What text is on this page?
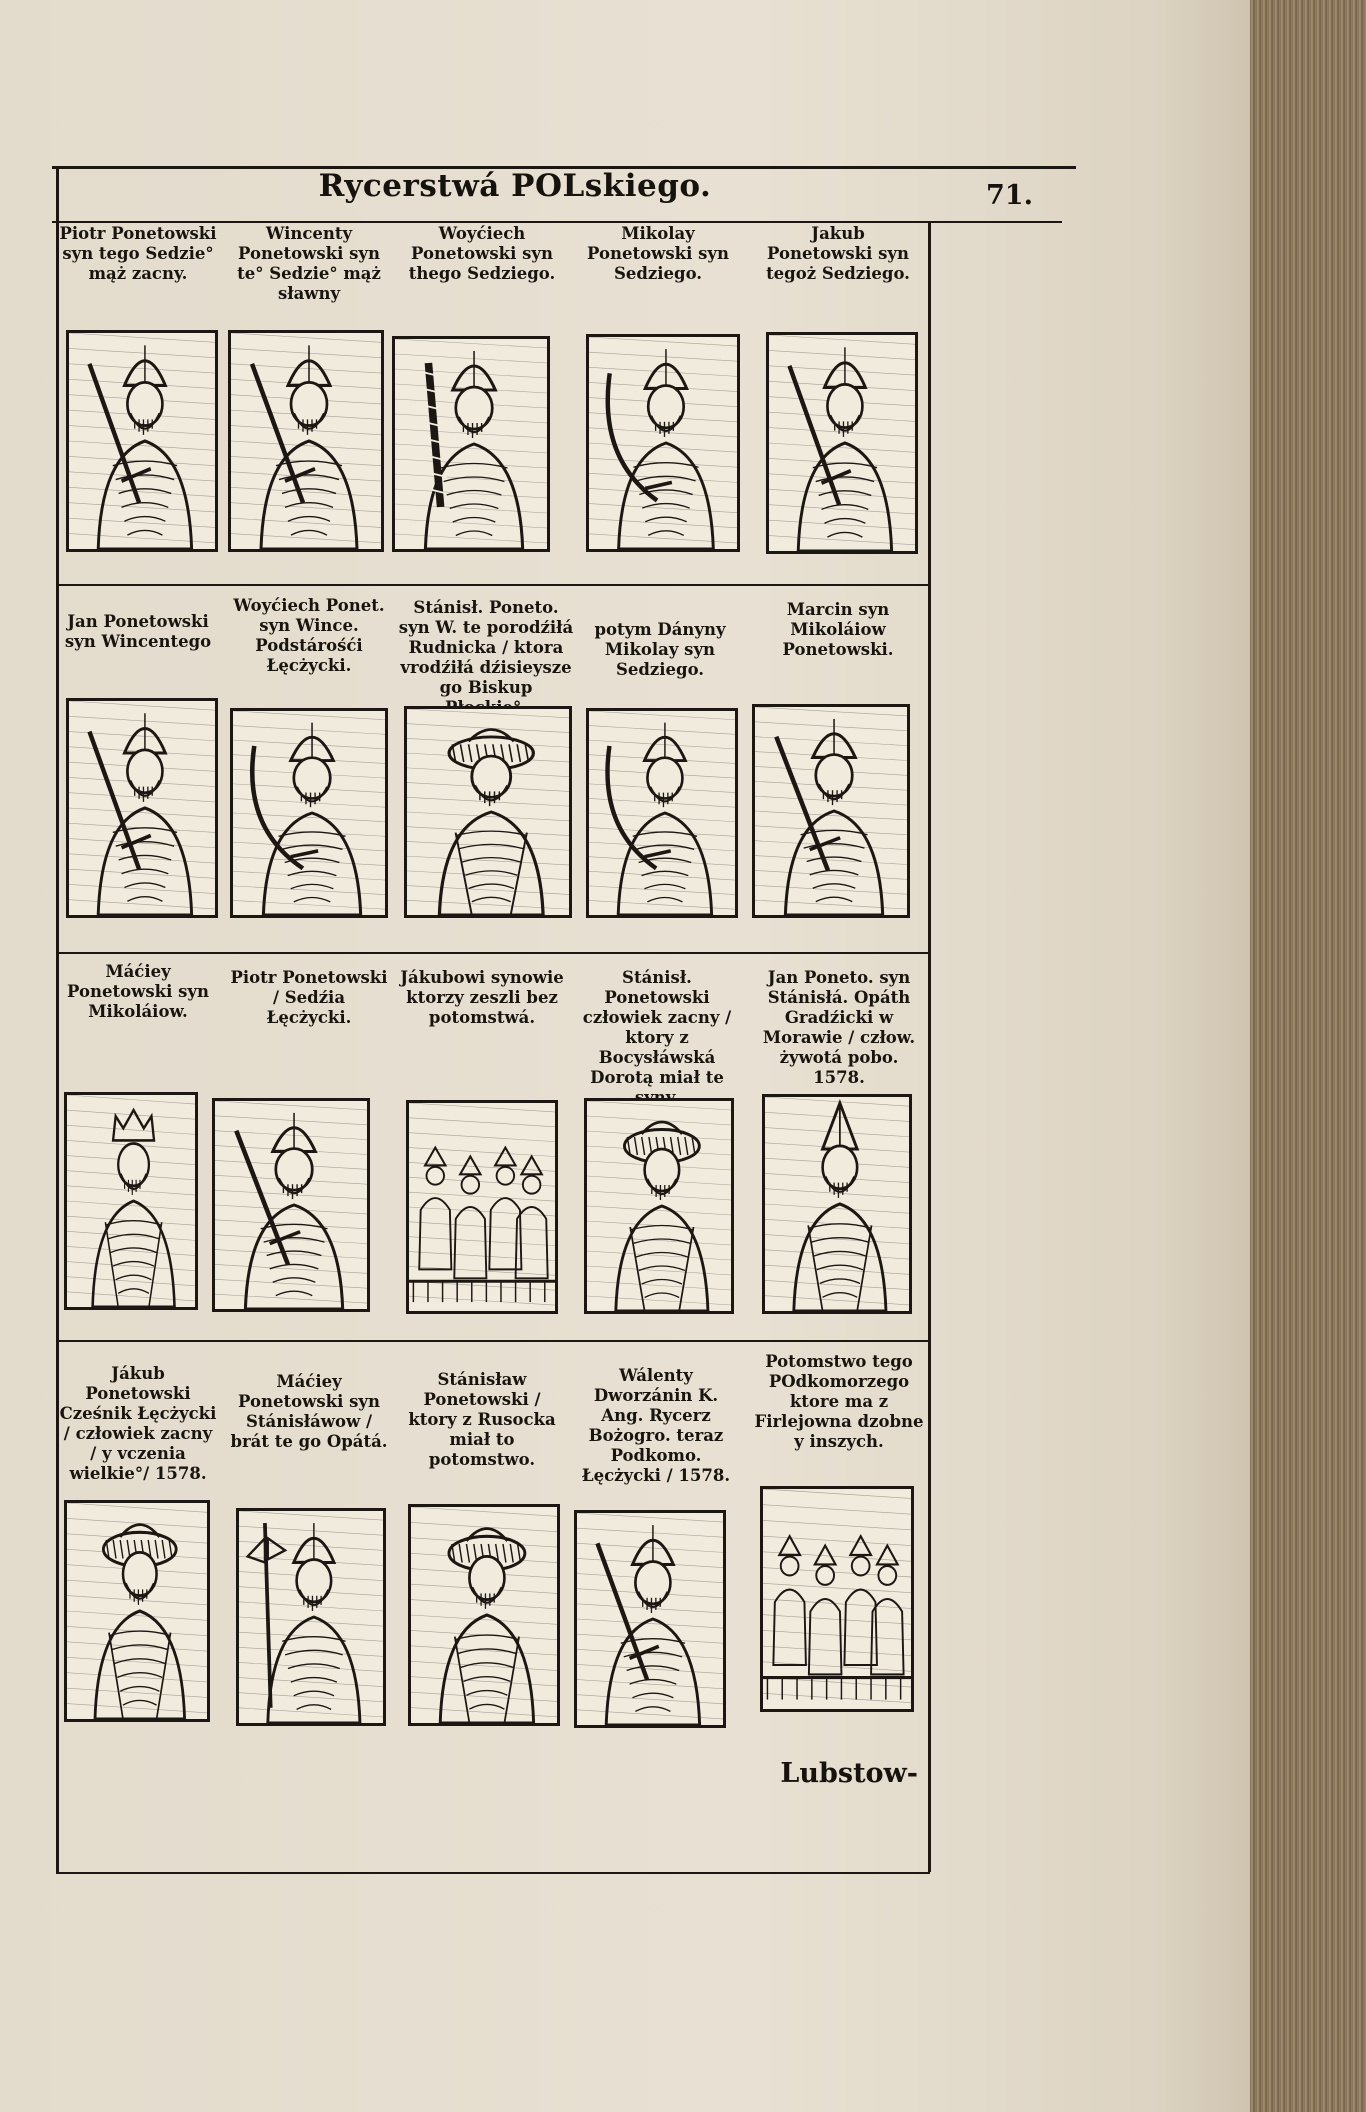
Rycerstwá POLskiego.	71.
Piotr Ponetowski syn tego Sedzie° mąż zacny.
Wincenty Ponetowski syn te° Sedzie° mąż sławny
Woyćiech Ponetowski syn thego Sedziego.
Mikolay Ponetowski syn Sedziego.
Jakub Ponetowski syn tegoż Sedziego.
Jan Ponetowski syn Wincentego
Woyćiech Ponet. syn Wince. Podstárośći Łęcżycki.
Stánisł. Poneto. syn W. te porodźiłá Rudnicka / ktora vrodźiłá dźisieysze go Biskup
potym Dányny Mikolay syn Sedziego.
Marcin syn Mikoláiow Ponetowski.
Máćiey Ponetowski syn Mikoláiow.
Piotr Ponetowski / Sedźia Łęcżycki.
Jákubowi synowie ktorzy zeszli bez potomstwá.
Stánisł. Ponetowski człowiek zacny / ktory z Bocysłáwská Dorotą miał te
Jan Poneto. syn Stánisłá. Opáth Gradźicki w Morawie / człow. żywotá pobo. 1578.
Jákub Ponetowski Cześnik Łęcżycki / człowiek zacny / y vczenia wielkie°/ 1578.
Máćiey Ponetowski syn Stánisłáwow / brát te go Opátá.
Stánisław Ponetowski / ktory z Rusocka miał to potomstwo.
Wálenty Dworzánin K. Ang. Rycerz Bożogro. teraz Podkomo. Łęcżycki / 1578.
Potomstwo tego POdkomorzego ktore ma z Firlejowna dzobne y inszych.
Lubstow-
